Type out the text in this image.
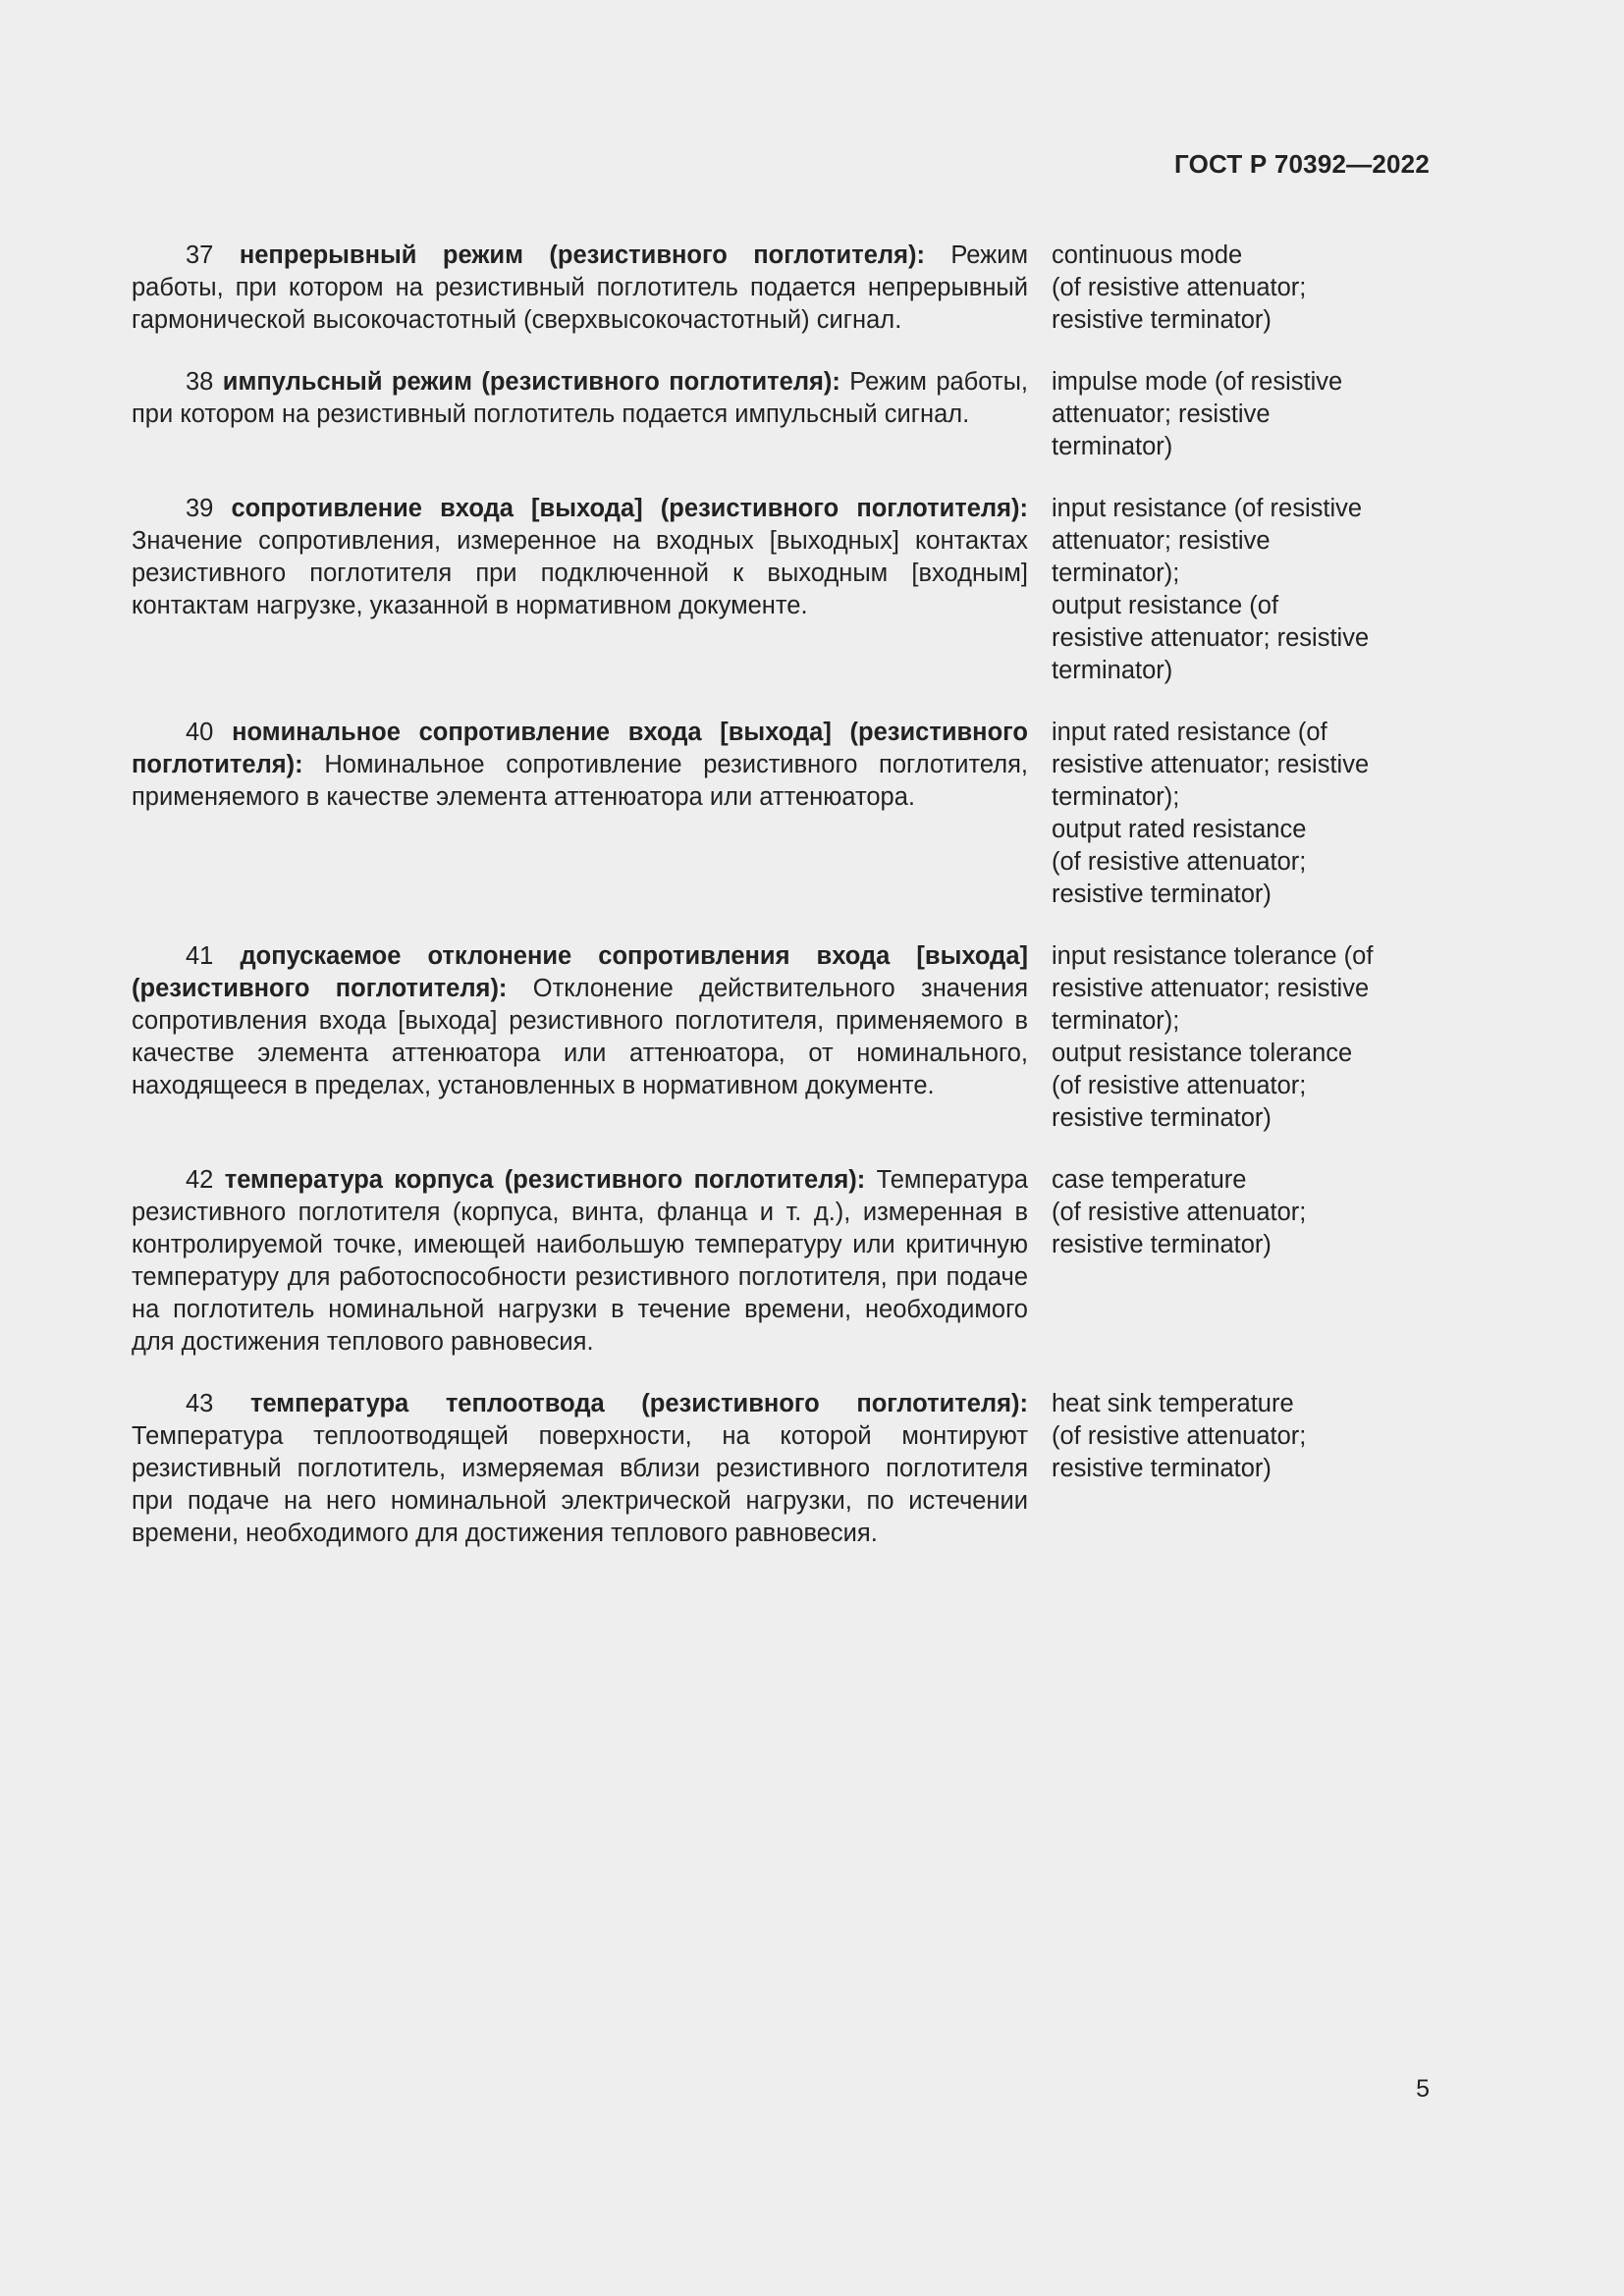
ГОСТ Р 70392—2022

37 непрерывный режим (резистивного поглотителя): Режим работы, при котором на резистивный поглотитель подается непрерывный гармонической высокочастотный (сверхвысокочастотный) сигнал.

continuous mode
(of resistive attenuator;
resistive terminator)

38 импульсный режим (резистивного поглотителя): Режим работы, при котором на резистивный поглотитель подается импульсный сигнал.

impulse mode (of resistive
attenuator; resistive
terminator)

39 сопротивление входа [выхода] (резистивного поглотителя): Значение сопротивления, измеренное на входных [выходных] контактах резистивного поглотителя при подключенной к выходным [входным] контактам нагрузке, указанной в нормативном документе.

input resistance (of resistive
attenuator; resistive
terminator);
output resistance (of
resistive attenuator; resistive
terminator)

40 номинальное сопротивление входа [выхода] (резистивного поглотителя): Номинальное сопротивление резистивного поглотителя, применяемого в качестве элемента аттенюатора или аттенюатора.

input rated resistance (of
resistive attenuator; resistive
terminator);
output rated resistance
(of resistive attenuator;
resistive terminator)

41 допускаемое отклонение сопротивления входа [выхода] (резистивного поглотителя): Отклонение действительного значения сопротивления входа [выхода] резистивного поглотителя, применяемого в качестве элемента аттенюатора или аттенюатора, от номинального, находящееся в пределах, установленных в нормативном документе.

input resistance tolerance (of
resistive attenuator; resistive
terminator);
output resistance tolerance
(of resistive attenuator;
resistive terminator)

42 температура корпуса (резистивного поглотителя): Температура резистивного поглотителя (корпуса, винта, фланца и т. д.), измеренная в контролируемой точке, имеющей наибольшую температуру или критичную температуру для работоспособности резистивного поглотителя, при подаче на поглотитель номинальной нагрузки в течение времени, необходимого для достижения теплового равновесия.

case temperature
(of resistive attenuator;
resistive terminator)

43 температура теплоотвода (резистивного поглотителя): Температура теплоотводящей поверхности, на которой монтируют резистивный поглотитель, измеряемая вблизи резистивного поглотителя при подаче на него номинальной электрической нагрузки, по истечении времени, необходимого для достижения теплового равновесия.

heat sink temperature
(of resistive attenuator;
resistive terminator)

5
